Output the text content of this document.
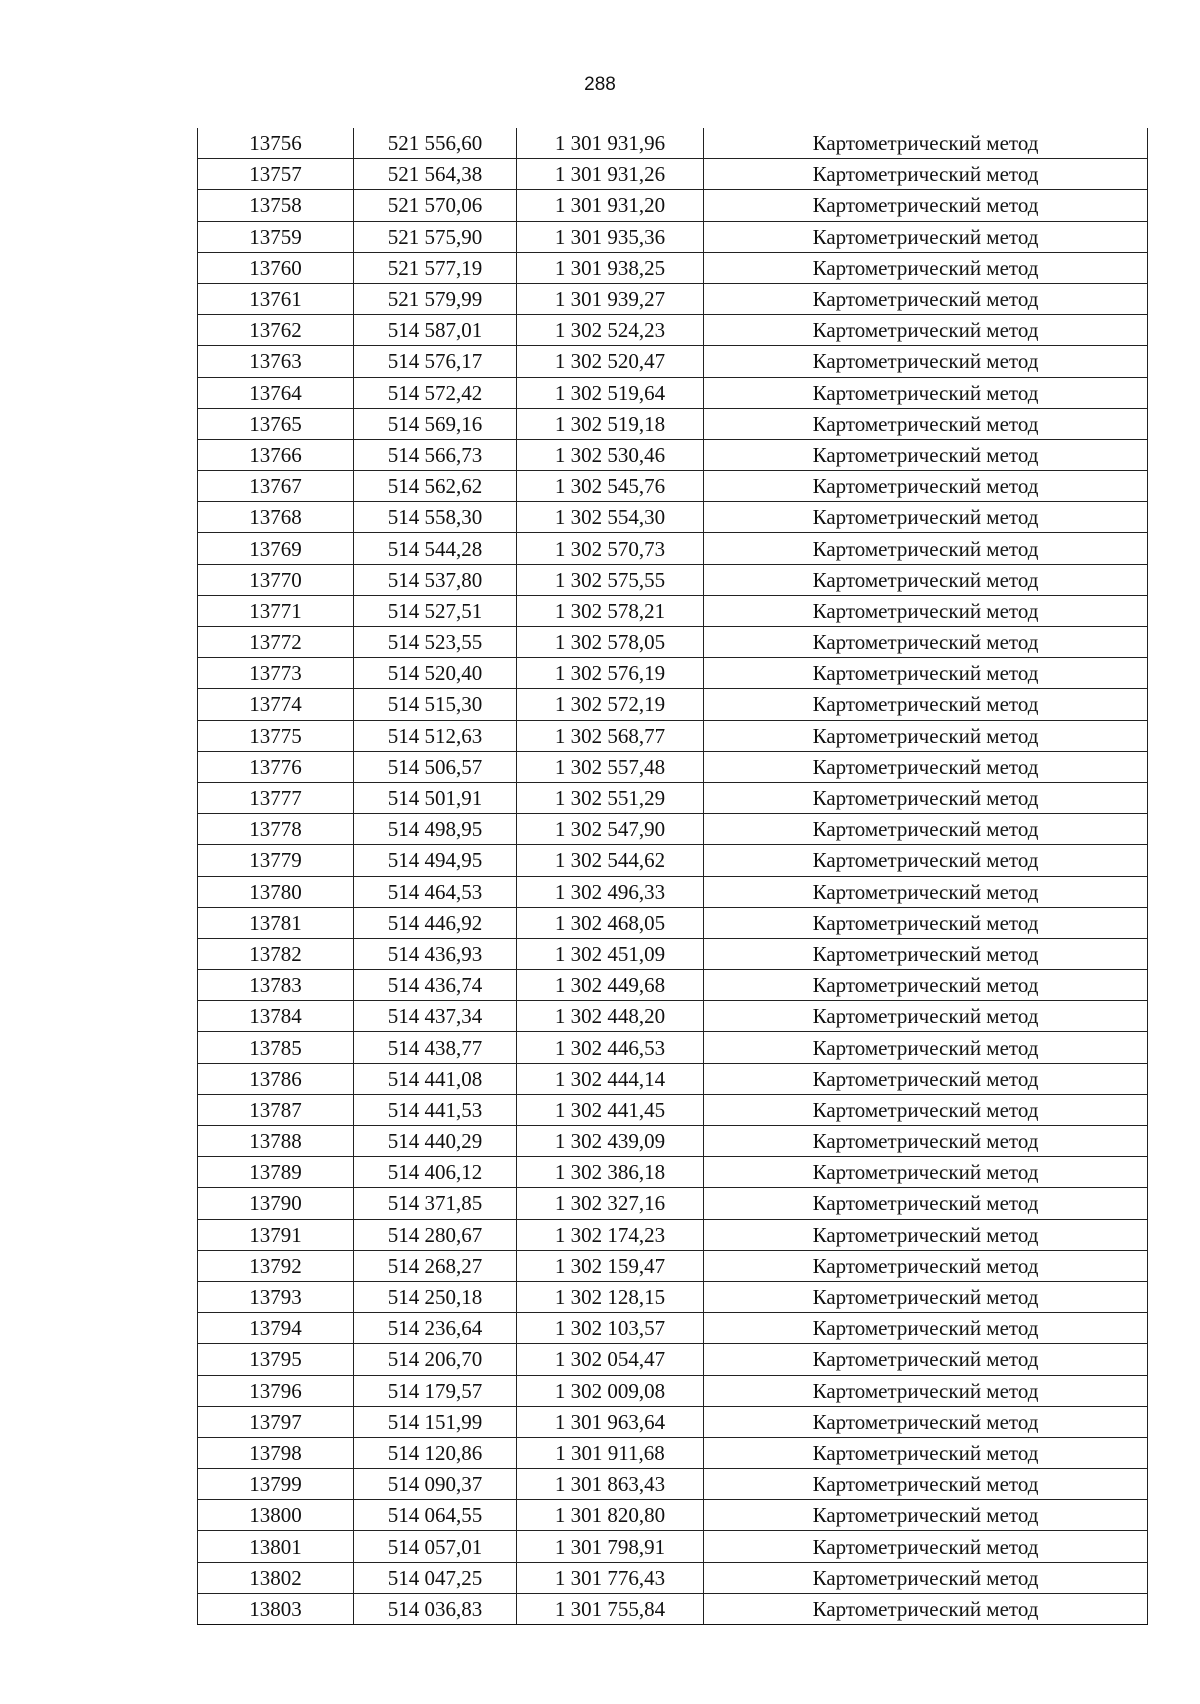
288
13756	521 556,60	1 301 931,96	Картометрический метод
13757	521 564,38	1 301 931,26	Картометрический метод
13758	521 570,06	1 301 931,20	Картометрический метод
13759	521 575,90	1 301 935,36	Картометрический метод
13760	521 577,19	1 301 938,25	Картометрический метод
13761	521 579,99	1 301 939,27	Картометрический метод
13762	514 587,01	1 302 524,23	Картометрический метод
13763	514 576,17	1 302 520,47	Картометрический метод
13764	514 572,42	1 302 519,64	Картометрический метод
13765	514 569,16	1 302 519,18	Картометрический метод
13766	514 566,73	1 302 530,46	Картометрический метод
13767	514 562,62	1 302 545,76	Картометрический метод
13768	514 558,30	1 302 554,30	Картометрический метод
13769	514 544,28	1 302 570,73	Картометрический метод
13770	514 537,80	1 302 575,55	Картометрический метод
13771	514 527,51	1 302 578,21	Картометрический метод
13772	514 523,55	1 302 578,05	Картометрический метод
13773	514 520,40	1 302 576,19	Картометрический метод
13774	514 515,30	1 302 572,19	Картометрический метод
13775	514 512,63	1 302 568,77	Картометрический метод
13776	514 506,57	1 302 557,48	Картометрический метод
13777	514 501,91	1 302 551,29	Картометрический метод
13778	514 498,95	1 302 547,90	Картометрический метод
13779	514 494,95	1 302 544,62	Картометрический метод
13780	514 464,53	1 302 496,33	Картометрический метод
13781	514 446,92	1 302 468,05	Картометрический метод
13782	514 436,93	1 302 451,09	Картометрический метод
13783	514 436,74	1 302 449,68	Картометрический метод
13784	514 437,34	1 302 448,20	Картометрический метод
13785	514 438,77	1 302 446,53	Картометрический метод
13786	514 441,08	1 302 444,14	Картометрический метод
13787	514 441,53	1 302 441,45	Картометрический метод
13788	514 440,29	1 302 439,09	Картометрический метод
13789	514 406,12	1 302 386,18	Картометрический метод
13790	514 371,85	1 302 327,16	Картометрический метод
13791	514 280,67	1 302 174,23	Картометрический метод
13792	514 268,27	1 302 159,47	Картометрический метод
13793	514 250,18	1 302 128,15	Картометрический метод
13794	514 236,64	1 302 103,57	Картометрический метод
13795	514 206,70	1 302 054,47	Картометрический метод
13796	514 179,57	1 302 009,08	Картометрический метод
13797	514 151,99	1 301 963,64	Картометрический метод
13798	514 120,86	1 301 911,68	Картометрический метод
13799	514 090,37	1 301 863,43	Картометрический метод
13800	514 064,55	1 301 820,80	Картометрический метод
13801	514 057,01	1 301 798,91	Картометрический метод
13802	514 047,25	1 301 776,43	Картометрический метод
13803	514 036,83	1 301 755,84	Картометрический метод
